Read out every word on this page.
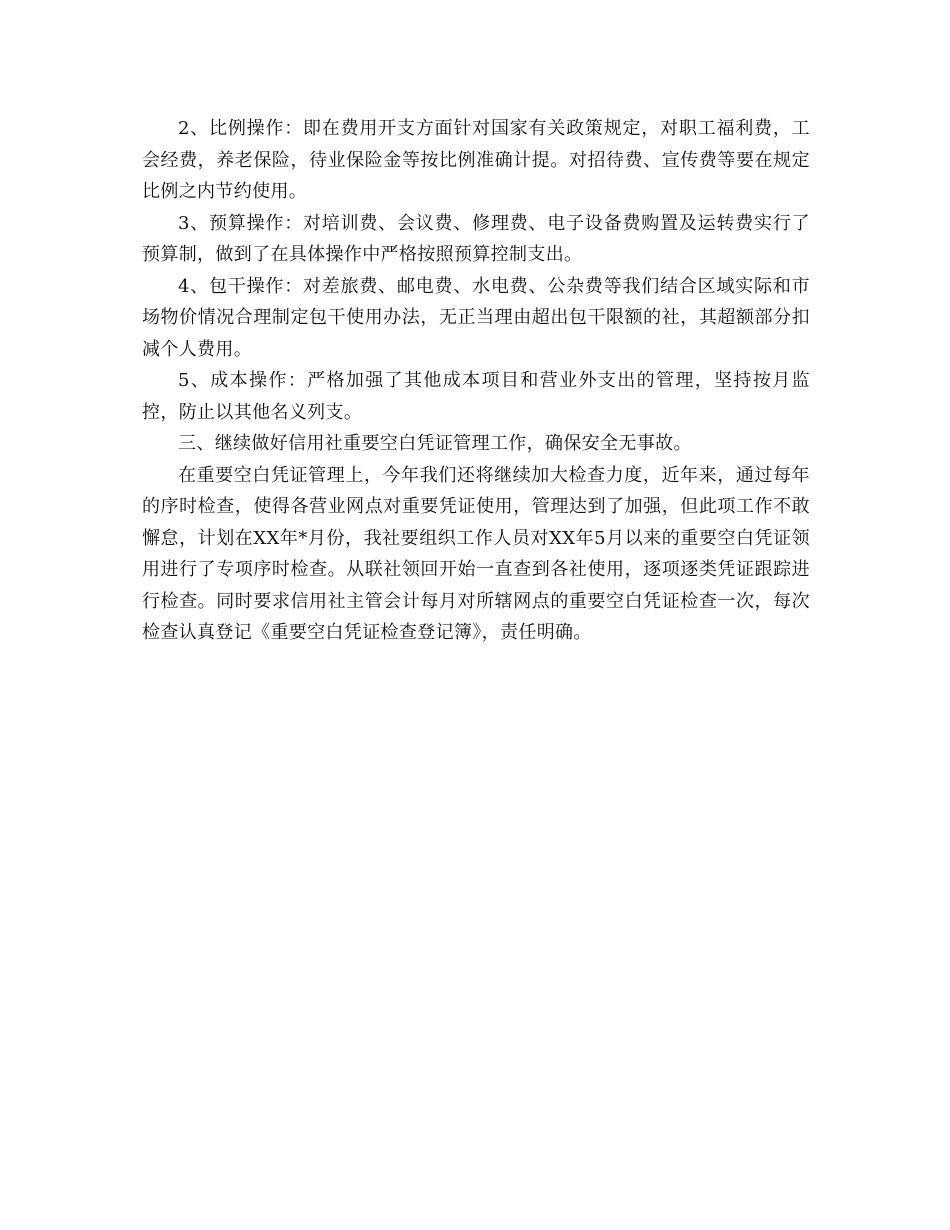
2、比例操作：即在费用开支方面针对国家有关政策规定，对职工福利费，工会经费，养老保险，待业保险金等按比例准确计提。对招待费、宣传费等要在规定比例之内节约使用。

3、预算操作：对培训费、会议费、修理费、电子设备费购置及运转费实行了预算制，做到了在具体操作中严格按照预算控制支出。

4、包干操作：对差旅费、邮电费、水电费、公杂费等我们结合区域实际和市场物价情况合理制定包干使用办法，无正当理由超出包干限额的社，其超额部分扣减个人费用。

5、成本操作：严格加强了其他成本项目和营业外支出的管理，坚持按月监控，防止以其他名义列支。

三、继续做好信用社重要空白凭证管理工作，确保安全无事故。

在重要空白凭证管理上，今年我们还将继续加大检查力度，近年来，通过每年的序时检查，使得各营业网点对重要凭证使用，管理达到了加强，但此项工作不敢懈怠，计划在XX年*月份，我社要组织工作人员对XX年5月以来的重要空白凭证领用进行了专项序时检查。从联社领回开始一直查到各社使用，逐项逐类凭证跟踪进行检查。同时要求信用社主管会计每月对所辖网点的重要空白凭证检查一次，每次检查认真登记《重要空白凭证检查登记簿》，责任明确。
